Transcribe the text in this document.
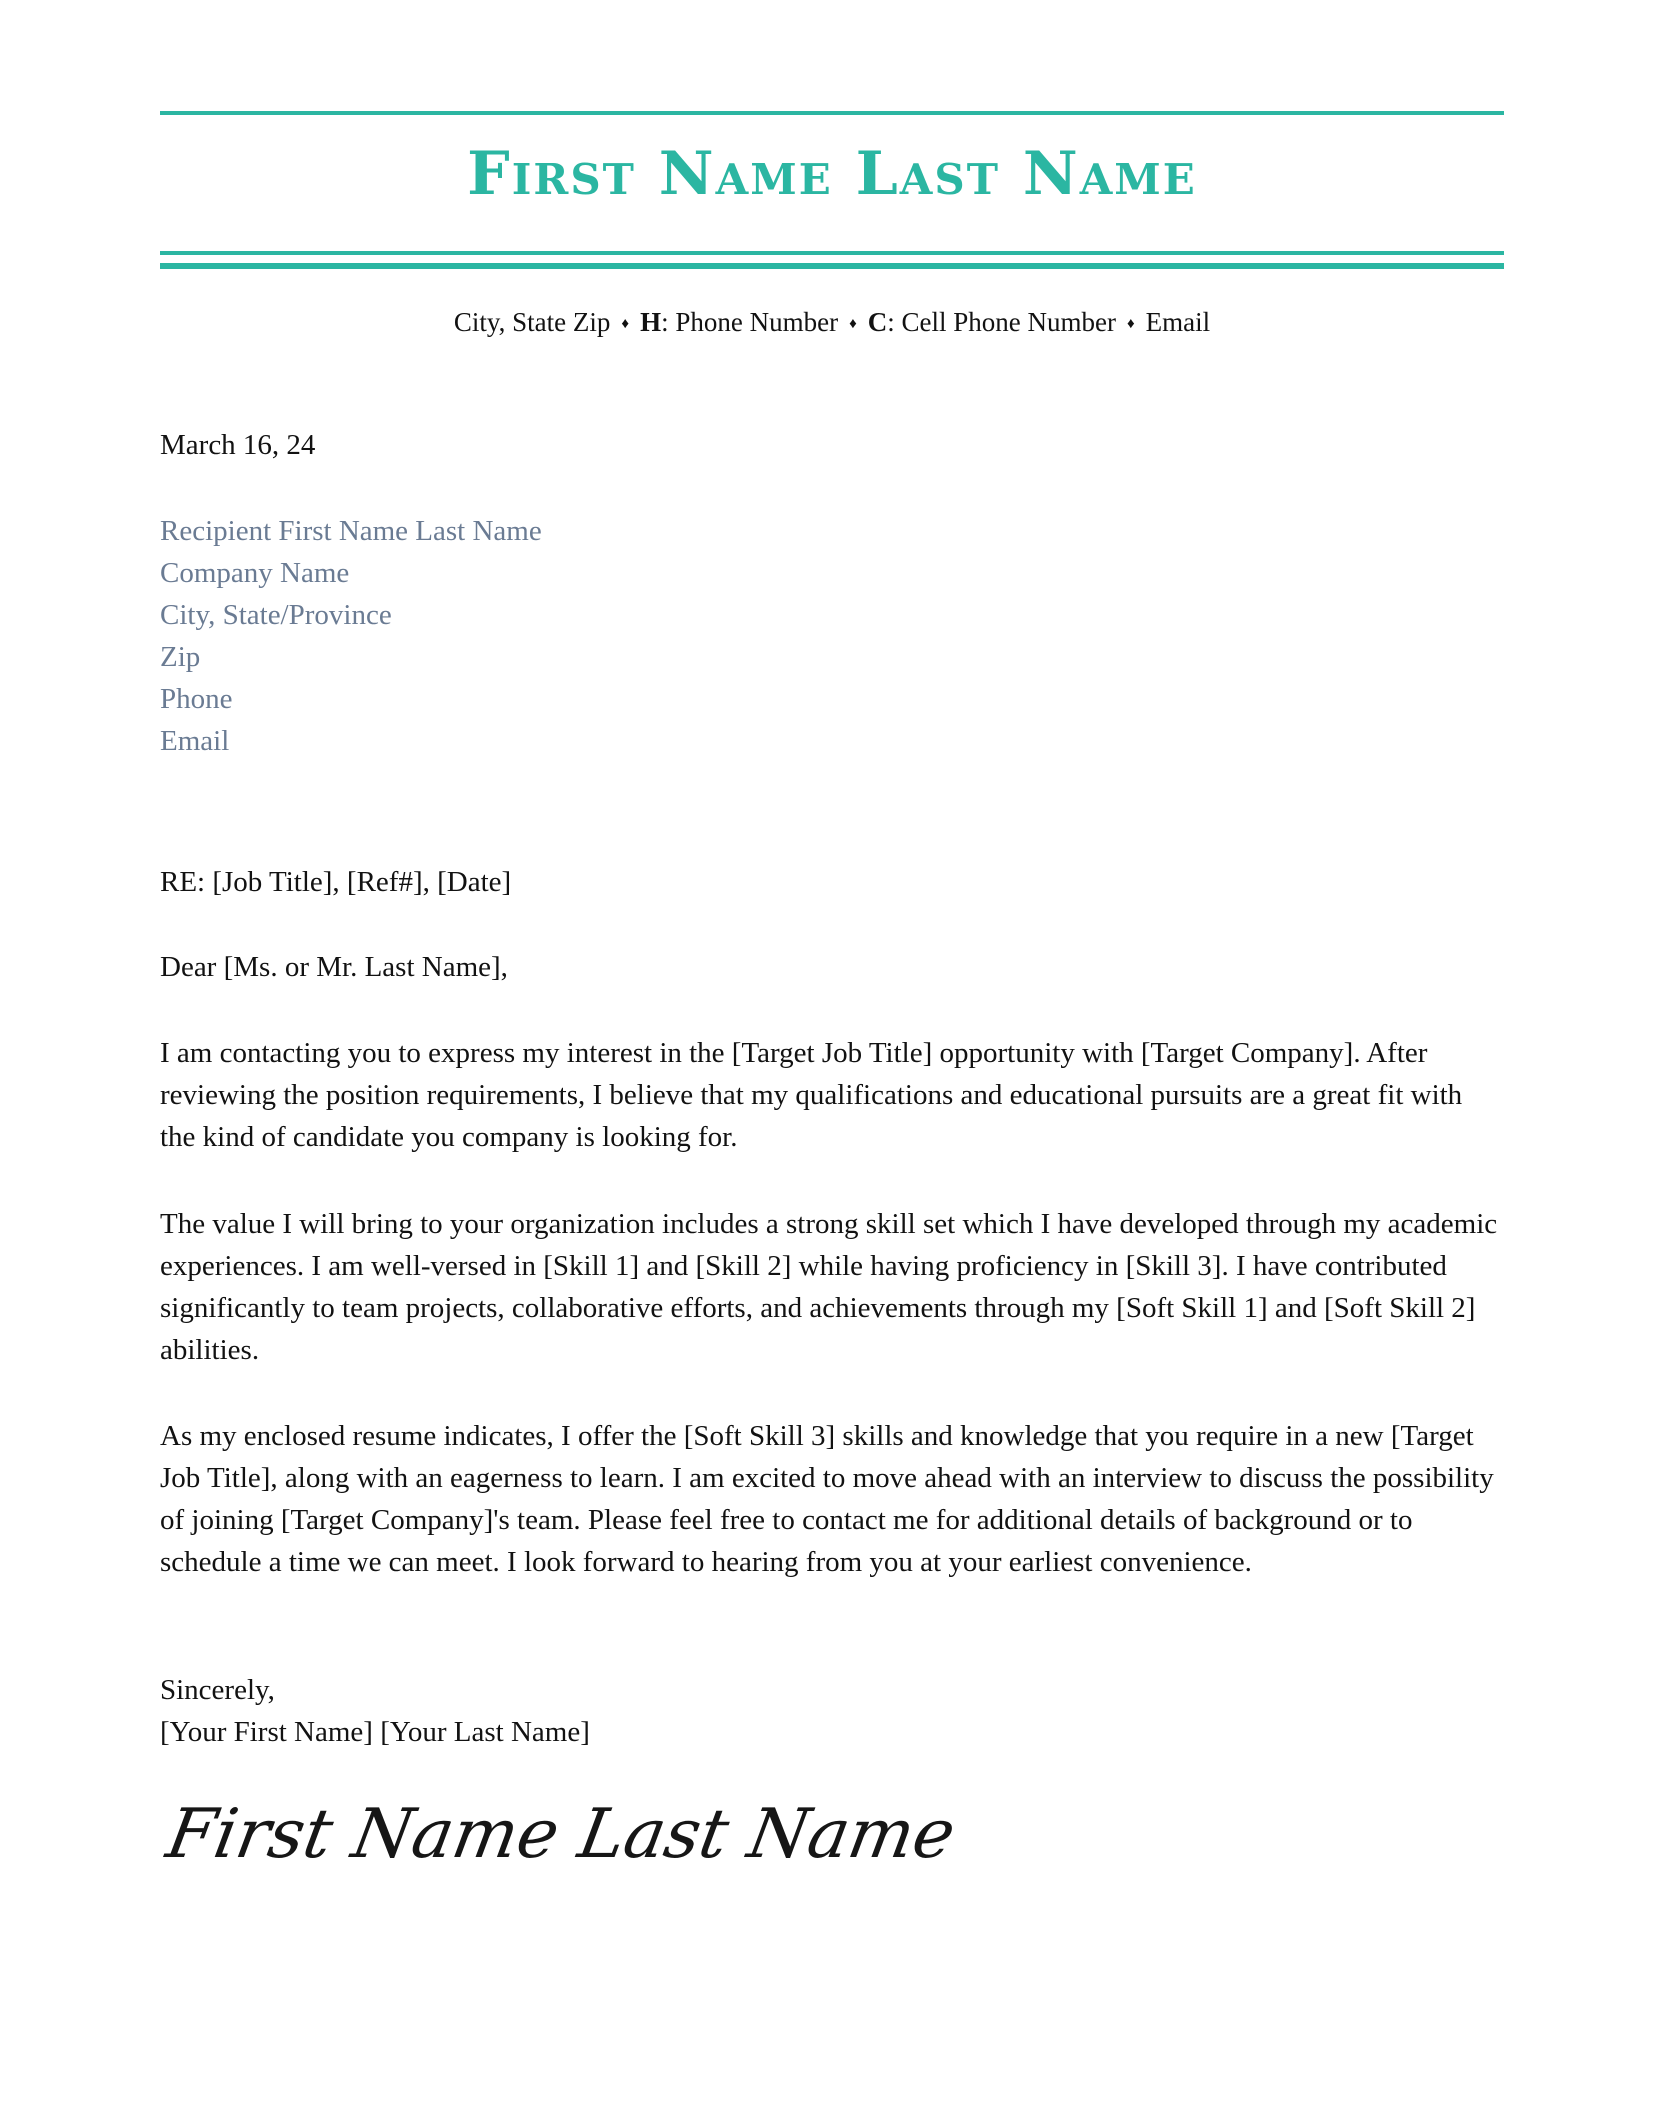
First Name Last Name
City, State Zip ♦ H: Phone Number ♦ C: Cell Phone Number ♦ Email
March 16, 24
Recipient First Name Last Name
Company Name
City, State/Province
Zip
Phone
Email
RE: [Job Title], [Ref#], [Date]
Dear [Ms. or Mr. Last Name],

I am contacting you to express my interest in the [Target Job Title] opportunity with [Target Company]. After reviewing the position requirements, I believe that my qualifications and educational pursuits are a great fit with the kind of candidate you company is looking for.

The value I will bring to your organization includes a strong skill set which I have developed through my academic experiences. I am well-versed in [Skill 1] and [Skill 2] while having proficiency in [Skill 3]. I have contributed significantly to team projects, collaborative efforts, and achievements through my [Soft Skill 1] and [Soft Skill 2] abilities.

As my enclosed resume indicates, I offer the [Soft Skill 3] skills and knowledge that you require in a new [Target Job Title], along with an eagerness to learn. I am excited to move ahead with an interview to discuss the possibility of joining [Target Company]'s team. Please feel free to contact me for additional details of background or to schedule a time we can meet. I look forward to hearing from you at your earliest convenience.

Sincerely,
[Your First Name] [Your Last Name]
First Name Last Name
